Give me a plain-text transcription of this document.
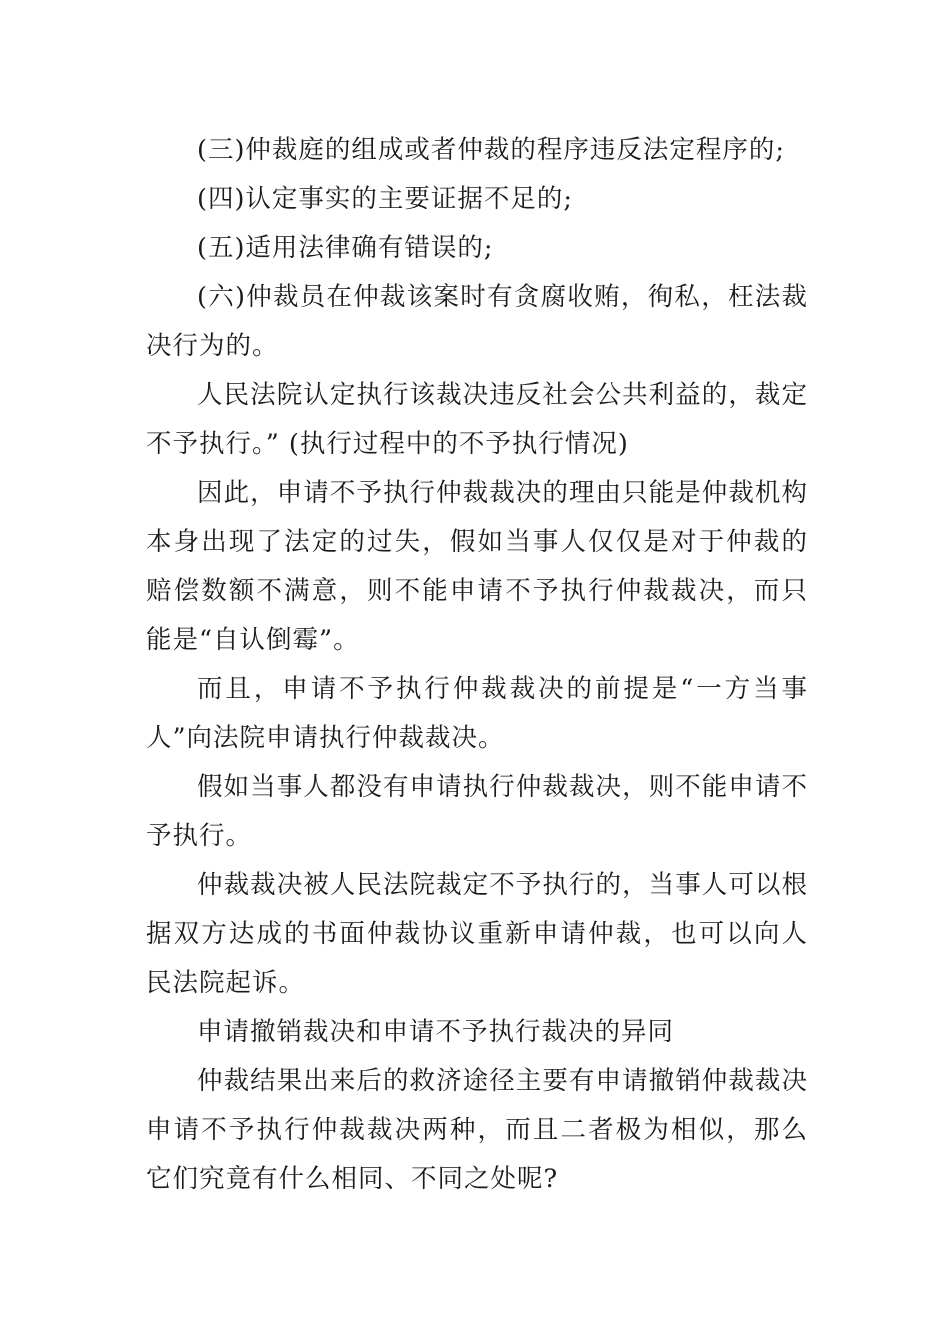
(三)仲裁庭的组成或者仲裁的程序违反法定程序的;

(四)认定事实的主要证据不足的;

(五)适用法律确有错误的;

(六)仲裁员在仲裁该案时有贪腐收贿，徇私，枉法裁决行为的。

人民法院认定执行该裁决违反社会公共利益的，裁定不予执行。” (执行过程中的不予执行情况)

因此，申请不予执行仲裁裁决的理由只能是仲裁机构本身出现了法定的过失，假如当事人仅仅是对于仲裁的赔偿数额不满意，则不能申请不予执行仲裁裁决，而只能是“自认倒霉”。

而且，申请不予执行仲裁裁决的前提是“一方当事人”向法院申请执行仲裁裁决。

假如当事人都没有申请执行仲裁裁决，则不能申请不予执行。

仲裁裁决被人民法院裁定不予执行的，当事人可以根据双方达成的书面仲裁协议重新申请仲裁，也可以向人民法院起诉。

申请撤销裁决和申请不予执行裁决的异同

仲裁结果出来后的救济途径主要有申请撤销仲裁裁决申请不予执行仲裁裁决两种，而且二者极为相似，那么它们究竟有什么相同、不同之处呢?
